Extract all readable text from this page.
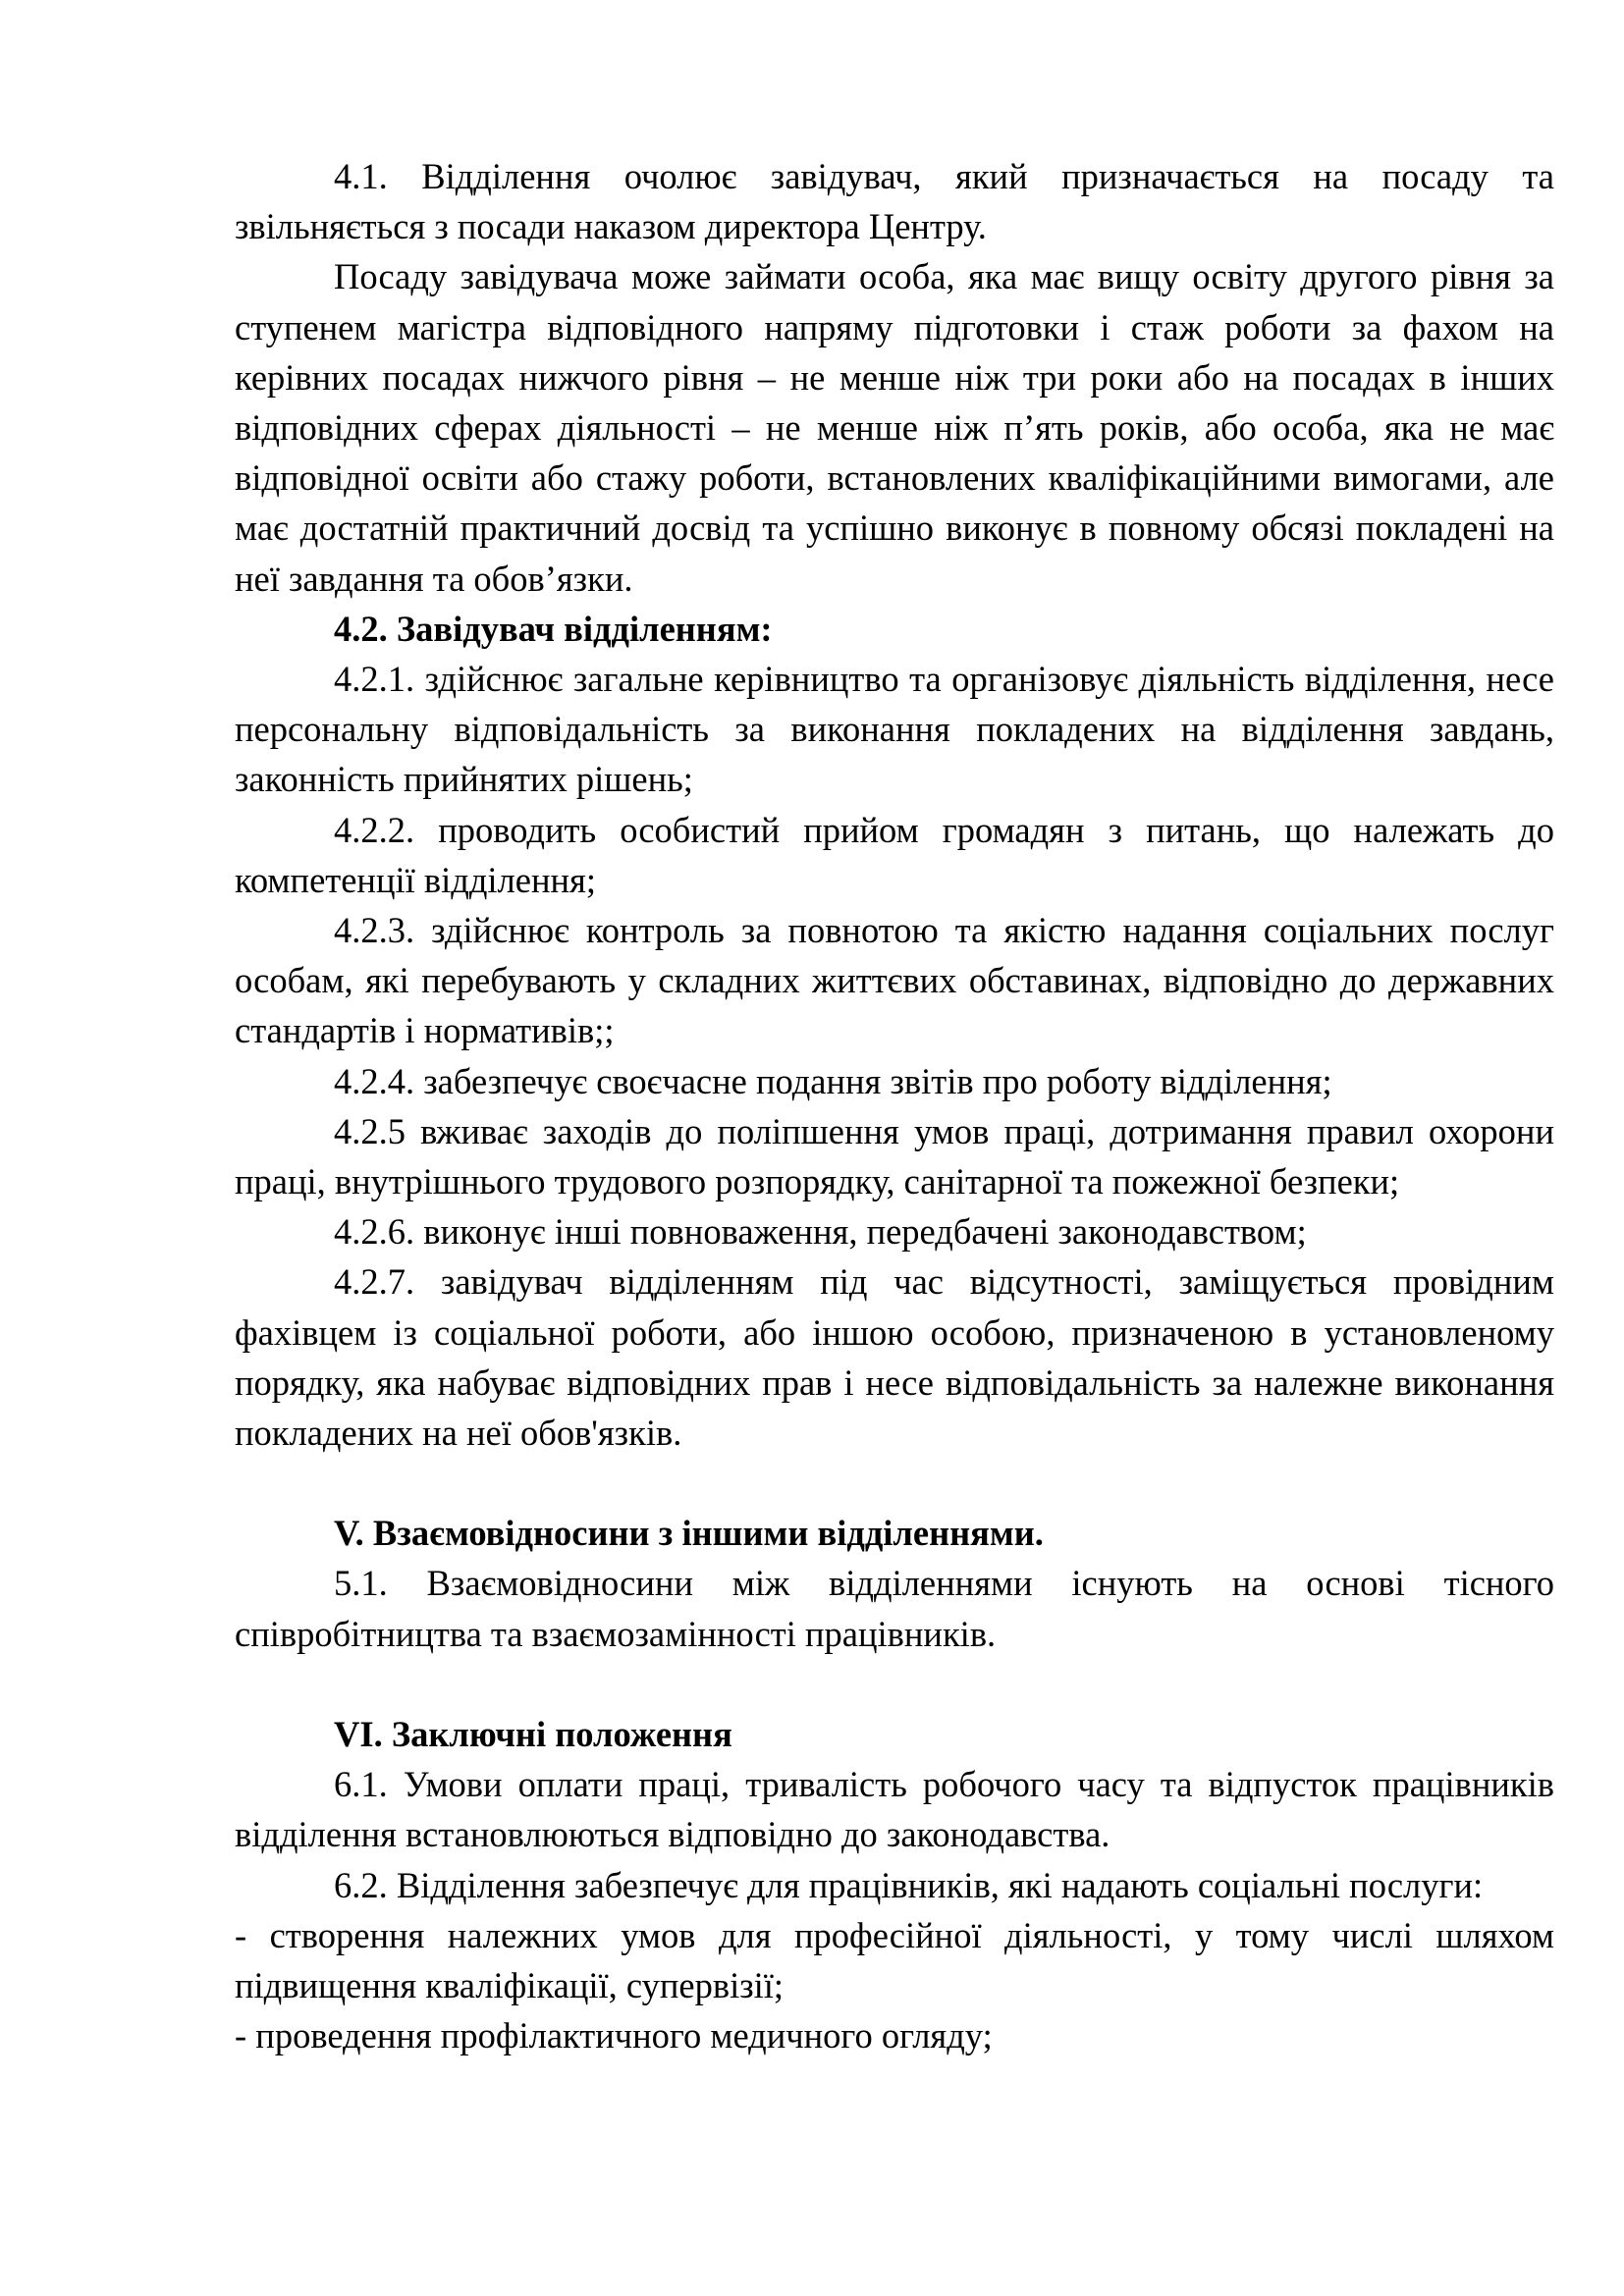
4.1. Відділення очолює завідувач, який призначається на посаду та звільняється з посади наказом директора Центру.

Посаду завідувача може займати особа, яка має вищу освіту другого рівня за ступенем магістра відповідного напряму підготовки і стаж роботи за фахом на керівних посадах нижчого рівня – не менше ніж три роки або на посадах в інших відповідних сферах діяльності – не менше ніж п’ять років, або особа, яка не має відповідної освіти або стажу роботи, встановлених кваліфікаційними вимогами, але має достатній практичний досвід та успішно виконує в повному обсязі покладені на неї завдання та обов’язки.

4.2. Завідувач відділенням:

4.2.1. здійснює загальне керівництво та організовує діяльність відділення, несе персональну відповідальність за виконання покладених на відділення завдань, законність прийнятих рішень;

4.2.2. проводить особистий прийом громадян з питань, що належать до компетенції відділення;

4.2.3. здійснює контроль за повнотою та якістю надання соціальних послуг особам, які перебувають у складних життєвих обставинах, відповідно до державних стандартів і нормативів;;

4.2.4. забезпечує своєчасне подання звітів про роботу відділення;

4.2.5 вживає заходів до поліпшення умов праці, дотримання правил охорони праці, внутрішнього трудового розпорядку, санітарної та пожежної безпеки;

4.2.6. виконує інші повноваження, передбачені законодавством;

4.2.7. завідувач відділенням під час відсутності, заміщується провідним фахівцем із соціальної роботи, або іншою особою, призначеною в установленому порядку, яка набуває відповідних прав і несе відповідальність за належне виконання покладених на неї обов'язків.

V. Взаємовідносини з іншими відділеннями.

5.1. Взаємовідносини між відділеннями існують на основі тісного співробітництва та взаємозамінності працівників.

VI. Заключні положення

6.1. Умови оплати праці, тривалість робочого часу та відпусток працівників відділення встановлюються відповідно до законодавства.

6.2. Відділення забезпечує для працівників, які надають соціальні послуги:

- створення належних умов для професійної діяльності, у тому числі шляхом підвищення кваліфікації, супервізії;

- проведення профілактичного медичного огляду;
